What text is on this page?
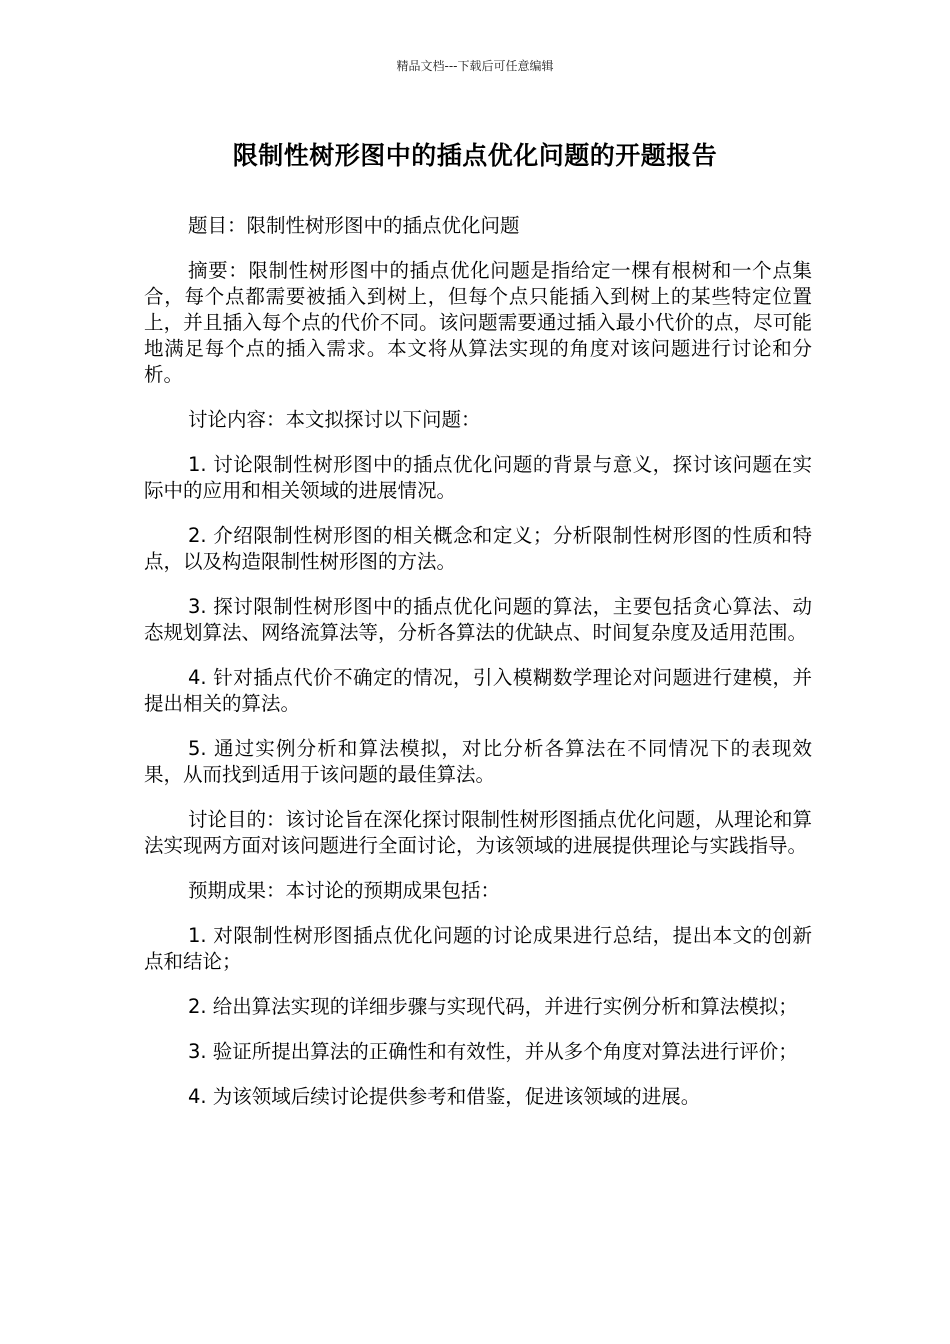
精品文档---下载后可任意编辑
限制性树形图中的插点优化问题的开题报告

题目：限制性树形图中的插点优化问题

摘要：限制性树形图中的插点优化问题是指给定一棵有根树和一个点集合，每个点都需要被插入到树上，但每个点只能插入到树上的某些特定位置上，并且插入每个点的代价不同。该问题需要通过插入最小代价的点，尽可能地满足每个点的插入需求。本文将从算法实现的角度对该问题进行讨论和分析。

讨论内容：本文拟探讨以下问题：

1. 讨论限制性树形图中的插点优化问题的背景与意义，探讨该问题在实际中的应用和相关领域的进展情况。

2. 介绍限制性树形图的相关概念和定义；分析限制性树形图的性质和特点，以及构造限制性树形图的方法。

3. 探讨限制性树形图中的插点优化问题的算法，主要包括贪心算法、动态规划算法、网络流算法等，分析各算法的优缺点、时间复杂度及适用范围。

4. 针对插点代价不确定的情况，引入模糊数学理论对问题进行建模，并提出相关的算法。

5. 通过实例分析和算法模拟，对比分析各算法在不同情况下的表现效果，从而找到适用于该问题的最佳算法。

讨论目的：该讨论旨在深化探讨限制性树形图插点优化问题，从理论和算法实现两方面对该问题进行全面讨论，为该领域的进展提供理论与实践指导。

预期成果：本讨论的预期成果包括：

1. 对限制性树形图插点优化问题的讨论成果进行总结，提出本文的创新点和结论；

2. 给出算法实现的详细步骤与实现代码，并进行实例分析和算法模拟；

3. 验证所提出算法的正确性和有效性，并从多个角度对算法进行评价；

4. 为该领域后续讨论提供参考和借鉴，促进该领域的进展。
